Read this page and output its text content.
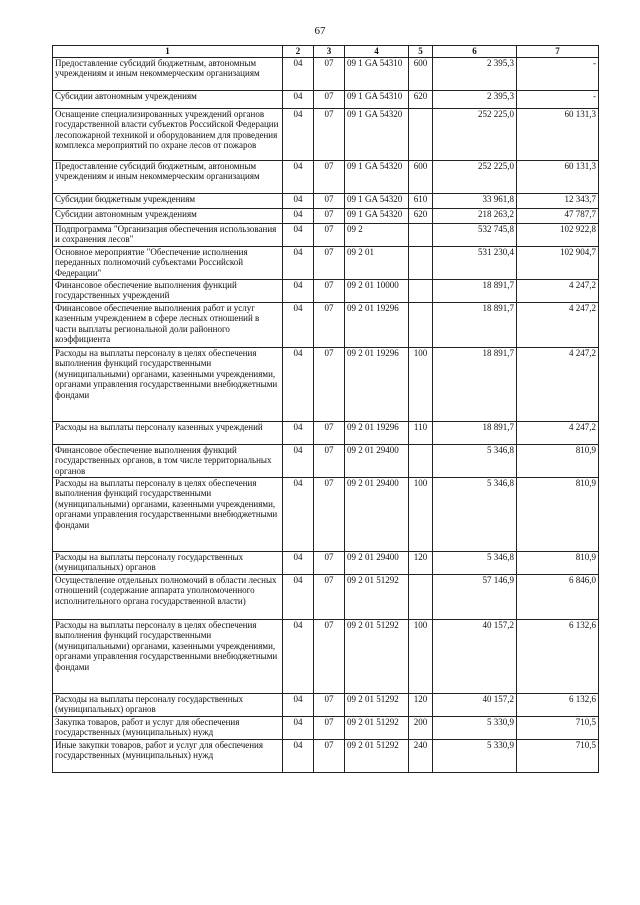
67
1	2	3	4	5	6	7
Предоставление субсидий бюджетным, автономным учреждениям и иным некоммерческим организациям	04	07	09 1 GA 54310	600	2 395,3	-
Субсидии автономным учреждениям	04	07	09 1 GA 54310	620	2 395,3	-
Оснащение специализированных учреждений органов государственной власти субъектов Российской Федерации лесопожарной техникой и оборудованием для проведения комплекса мероприятий по охране лесов от пожаров	04	07	09 1 GA 54320		252 225,0	60 131,3
Предоставление субсидий бюджетным, автономным учреждениям и иным некоммерческим организациям	04	07	09 1 GA 54320	600	252 225,0	60 131,3
Субсидии бюджетным учреждениям	04	07	09 1 GA 54320	610	33 961,8	12 343,7
Субсидии автономным учреждениям	04	07	09 1 GA 54320	620	218 263,2	47 787,7
Подпрограмма "Организация обеспечения использования и сохранения лесов"	04	07	09 2		532 745,8	102 922,8
Основное мероприятие "Обеспечение исполнения переданных полномочий субъектами Российской Федерации"	04	07	09 2 01		531 230,4	102 904,7
Финансовое обеспечение выполнения функций государственных учреждений	04	07	09 2 01 10000		18 891,7	4 247,2
Финансовое обеспечение выполнения работ и услуг казенным учреждением в сфере лесных отношений в части выплаты региональной доли районного коэффициента	04	07	09 2 01 19296		18 891,7	4 247,2
Расходы на выплаты персоналу в целях обеспечения выполнения функций государственными (муниципальными) органами, казенными учреждениями, органами управления государственными внебюджетными фондами	04	07	09 2 01 19296	100	18 891,7	4 247,2
Расходы на выплаты персоналу казенных учреждений	04	07	09 2 01 19296	110	18 891,7	4 247,2
Финансовое обеспечение выполнения функций государственных органов, в том числе территориальных органов	04	07	09 2 01 29400		5 346,8	810,9
Расходы на выплаты персоналу в целях обеспечения выполнения функций государственными (муниципальными) органами, казенными учреждениями, органами управления государственными внебюджетными фондами	04	07	09 2 01 29400	100	5 346,8	810,9
Расходы на выплаты персоналу государственных (муниципальных) органов	04	07	09 2 01 29400	120	5 346,8	810,9
Осуществление отдельных полномочий в области лесных отношений (содержание аппарата уполномоченного исполнительного органа государственной власти)	04	07	09 2 01 51292		57 146,9	6 846,0
Расходы на выплаты персоналу в целях обеспечения выполнения функций государственными (муниципальными) органами, казенными учреждениями, органами управления государственными внебюджетными фондами	04	07	09 2 01 51292	100	40 157,2	6 132,6
Расходы на выплаты персоналу государственных (муниципальных) органов	04	07	09 2 01 51292	120	40 157,2	6 132,6
Закупка товаров, работ и услуг для обеспечения государственных (муниципальных) нужд	04	07	09 2 01 51292	200	5 330,9	710,5
Иные закупки товаров, работ и услуг для обеспечения государственных (муниципальных) нужд	04	07	09 2 01 51292	240	5 330,9	710,5
